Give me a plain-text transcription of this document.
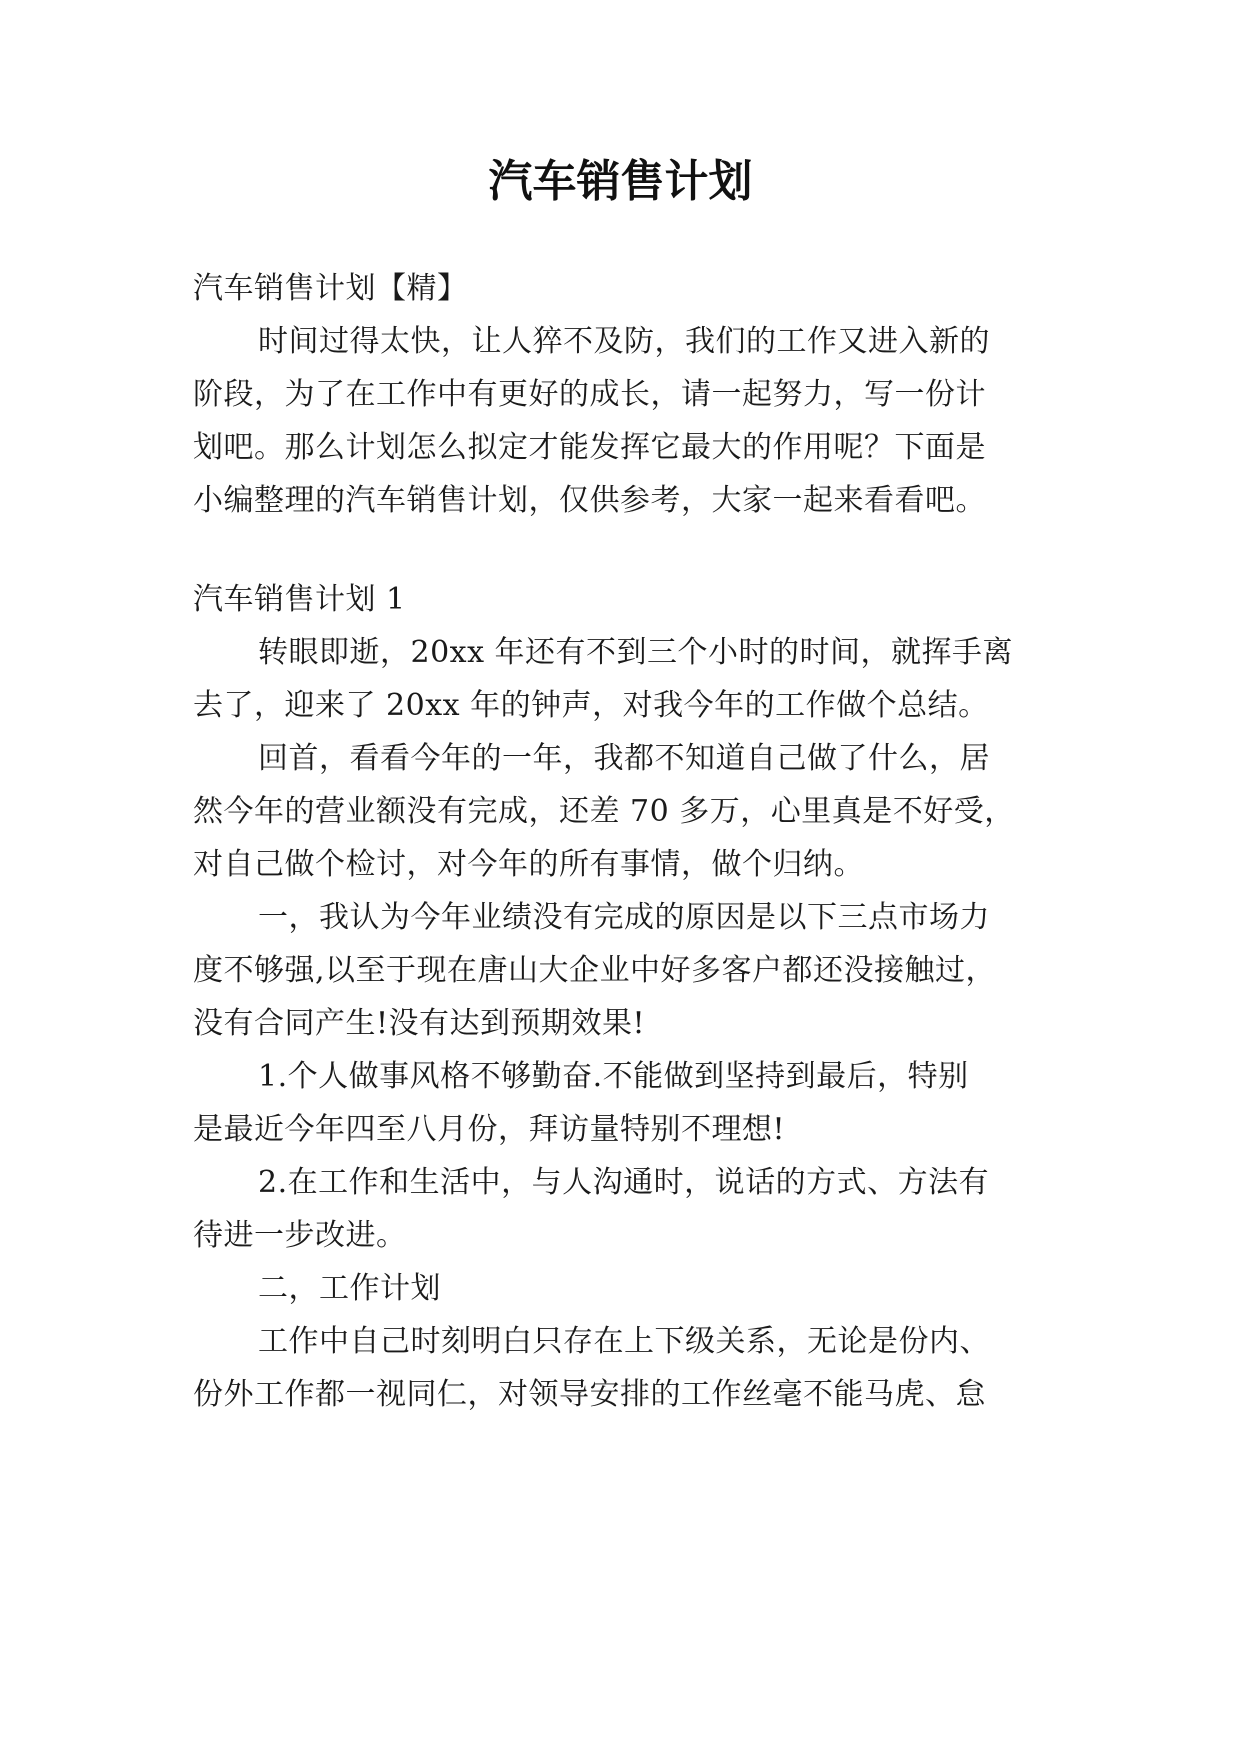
汽车销售计划

汽车销售计划【精】

时间过得太快，让人猝不及防，我们的工作又进入新的

阶段，为了在工作中有更好的成长，请一起努力，写一份计

划吧。那么计划怎么拟定才能发挥它最大的作用呢？下面是

小编整理的汽车销售计划，仅供参考，大家一起来看看吧。

汽车销售计划 1

转眼即逝，20xx 年还有不到三个小时的时间，就挥手离

去了，迎来了 20xx 年的钟声，对我今年的工作做个总结。

回首，看看今年的一年，我都不知道自己做了什么，居

然今年的营业额没有完成，还差 70 多万，心里真是不好受，

对自己做个检讨，对今年的所有事情，做个归纳。

一，我认为今年业绩没有完成的原因是以下三点市场力

度不够强,以至于现在唐山大企业中好多客户都还没接触过，

没有合同产生!没有达到预期效果!

1.个人做事风格不够勤奋.不能做到坚持到最后，特别

是最近今年四至八月份，拜访量特别不理想!

2.在工作和生活中，与人沟通时，说话的方式、方法有

待进一步改进。

二，工作计划

工作中自己时刻明白只存在上下级关系，无论是份内、

份外工作都一视同仁，对领导安排的工作丝毫不能马虎、怠
